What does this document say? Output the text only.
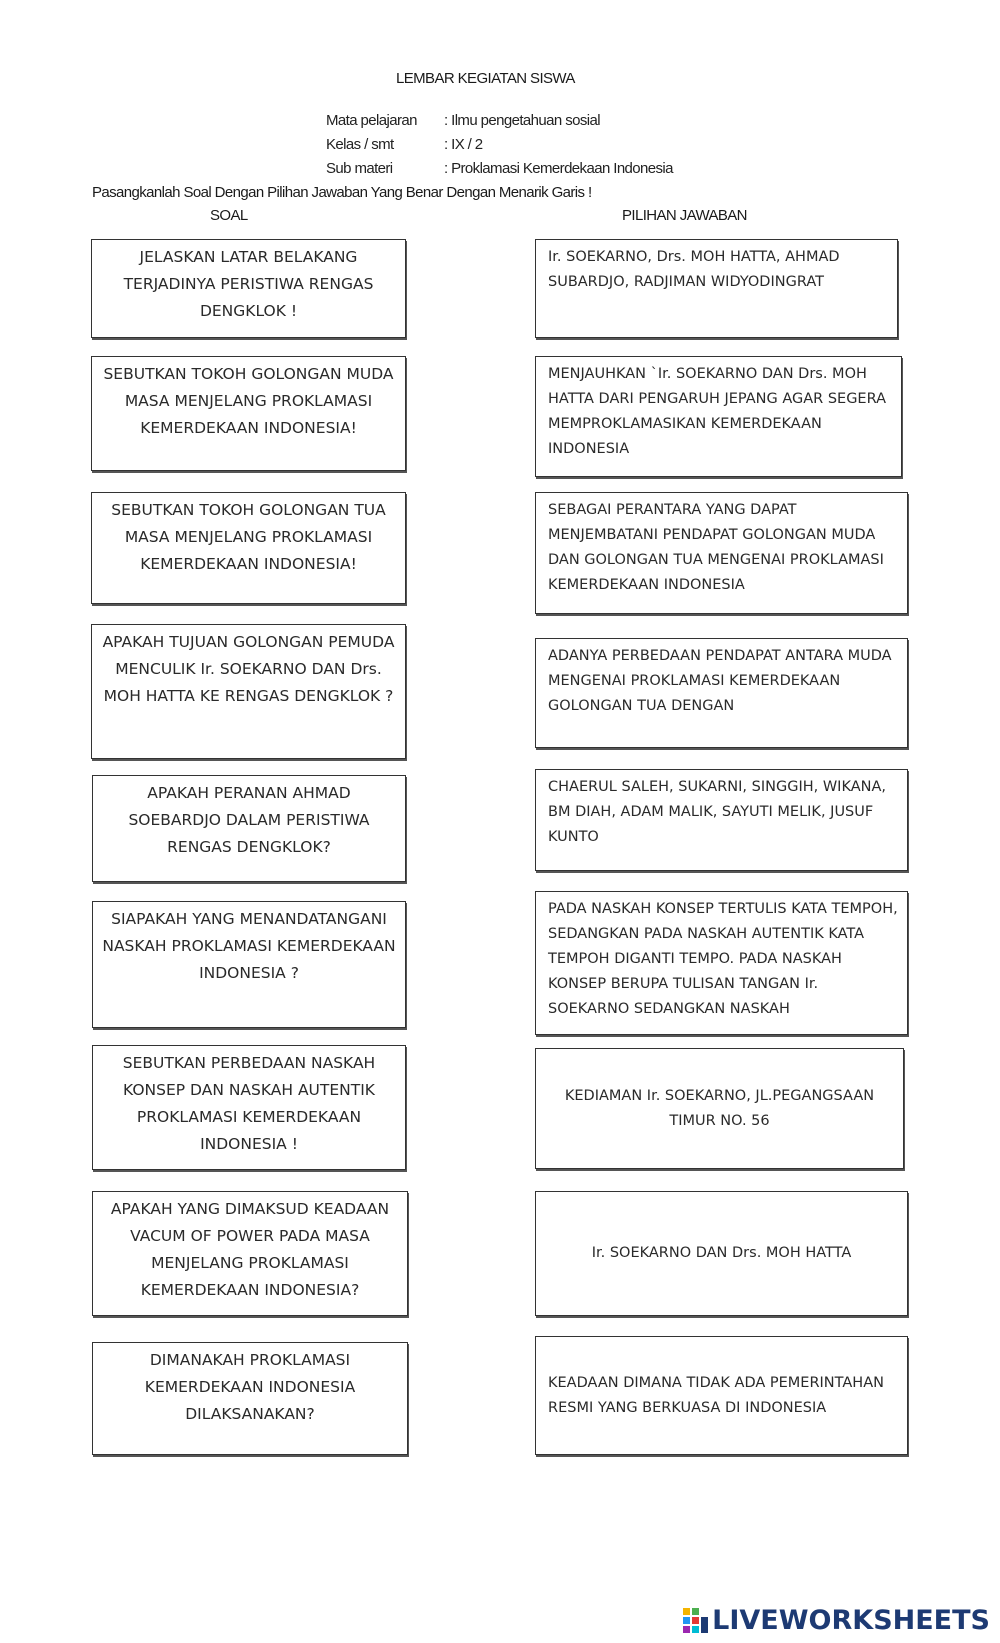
LEMBAR KEGIATAN SISWA
Mata pelajaran : Ilmu pengetahuan sosial
Kelas / smt	: IX / 2
Sub materi	: Proklamasi Kemerdekaan Indonesia
Pasangkanlah Soal Dengan Pilihan Jawaban Yang Benar Dengan Menarik Garis !
SOAL	PILIHAN JAWABAN
JELASKAN LATAR BELAKANG TERJADINYA PERISTIWA RENGAS DENGKLOK !
SEBUTKAN TOKOH GOLONGAN MUDA MASA MENJELANG PROKLAMASI KEMERDEKAAN INDONESIA!
SEBUTKAN TOKOH GOLONGAN TUA MASA MENJELANG PROKLAMASI KEMERDEKAAN INDONESIA!
APAKAH TUJUAN GOLONGAN PEMUDA MENCULIK Ir. SOEKARNO DAN Drs. MOH HATTA KE RENGAS DENGKLOK ?
APAKAH PERANAN AHMAD SOEBARDJO DALAM PERISTIWA RENGAS DENGKLOK?
SIAPAKAH YANG MENANDATANGANI NASKAH PROKLAMASI KEMERDEKAAN INDONESIA ?
SEBUTKAN PERBEDAAN NASKAH KONSEP DAN NASKAH AUTENTIK PROKLAMASI KEMERDEKAAN INDONESIA !
APAKAH YANG DIMAKSUD KEADAAN VACUM OF POWER PADA MASA MENJELANG PROKLAMASI KEMERDEKAAN INDONESIA?
DIMANAKAH PROKLAMASI KEMERDEKAAN INDONESIA DILAKSANAKAN?
Ir. SOEKARNO, Drs. MOH HATTA, AHMAD SUBARDJO, RADJIMAN WIDYODINGRAT
MENJAUHKAN `Ir. SOEKARNO DAN Drs. MOH HATTA DARI PENGARUH JEPANG AGAR SEGERA MEMPROKLAMASIKAN KEMERDEKAAN INDONESIA
SEBAGAI PERANTARA YANG DAPAT MENJEMBATANI PENDAPAT GOLONGAN MUDA DAN GOLONGAN TUA MENGENAI PROKLAMASI KEMERDEKAAN INDONESIA
ADANYA PERBEDAAN PENDAPAT ANTARA MUDA MENGENAI PROKLAMASI KEMERDEKAAN GOLONGAN TUA DENGAN
CHAERUL SALEH, SUKARNI, SINGGIH, WIKANA, BM DIAH, ADAM MALIK, SAYUTI MELIK, JUSUF KUNTO
PADA NASKAH KONSEP TERTULIS KATA TEMPOH, SEDANGKAN PADA NASKAH AUTENTIK KATA TEMPOH DIGANTI TEMPO. PADA NASKAH KONSEP BERUPA TULISAN TANGAN Ir. SOEKARNO SEDANGKAN NASKAH
KEDIAMAN Ir. SOEKARNO, JL.PEGANGSAAN TIMUR NO. 56
Ir. SOEKARNO DAN Drs. MOH HATTA
KEADAAN DIMANA TIDAK ADA PEMERINTAHAN RESMI YANG BERKUASA DI INDONESIA
LIVEWORKSHEETS
